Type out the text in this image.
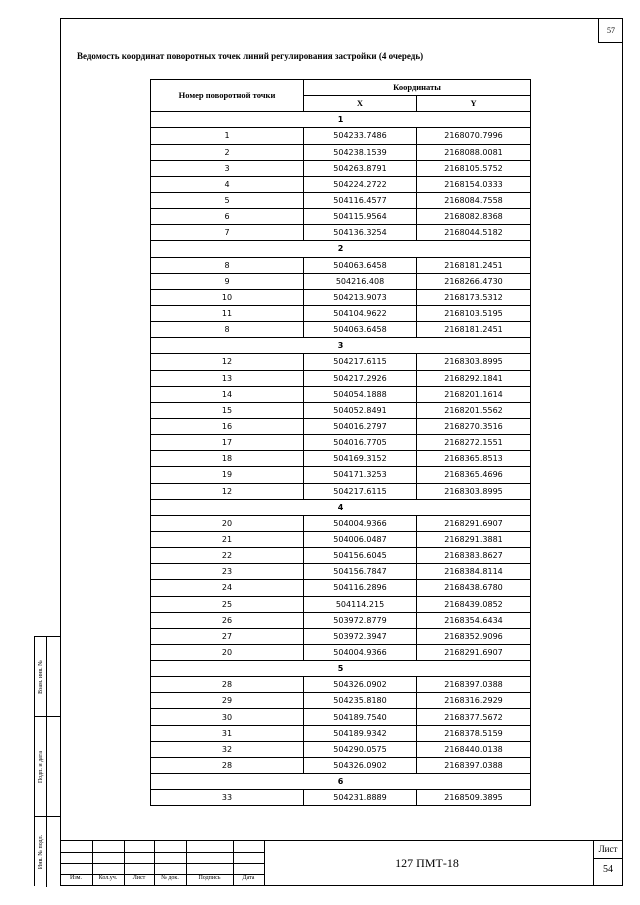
57
Взам. инв. №
Подп. и дата
Инв. № подл.
Ведомость координат поворотных точек линий регулирования застройки (4 очередь)
Номер поворотной точки	Координаты	
	X	Y
1		
1	504233.7486	2168070.7996
2	504238.1539	2168088.0081
3	504263.8791	2168105.5752
4	504224.2722	2168154.0333
5	504116.4577	2168084.7558
6	504115.9564	2168082.8368
7	504136.3254	2168044.5182
2		
8	504063.6458	2168181.2451
9	504216.408	2168266.4730
10	504213.9073	2168173.5312
11	504104.9622	2168103.5195
8	504063.6458	2168181.2451
3		
12	504217.6115	2168303.8995
13	504217.2926	2168292.1841
14	504054.1888	2168201.1614
15	504052.8491	2168201.5562
16	504016.2797	2168270.3516
17	504016.7705	2168272.1551
18	504169.3152	2168365.8513
19	504171.3253	2168365.4696
12	504217.6115	2168303.8995
4		
20	504004.9366	2168291.6907
21	504006.0487	2168291.3881
22	504156.6045	2168383.8627
23	504156.7847	2168384.8114
24	504116.2896	2168438.6780
25	504114.215	2168439.0852
26	503972.8779	2168354.6434
27	503972.3947	2168352.9096
20	504004.9366	2168291.6907
5		
28	504326.0902	2168397.0388
29	504235.8180	2168316.2929
30	504189.7540	2168377.5672
31	504189.9342	2168378.5159
32	504290.0575	2168440.0138
28	504326.0902	2168397.0388
6		
33	504231.8889	2168509.3895
Изм.	Кол.уч.	Лист	№ док.	Подпись	Дата
127 ПМТ-18
Лист
54
